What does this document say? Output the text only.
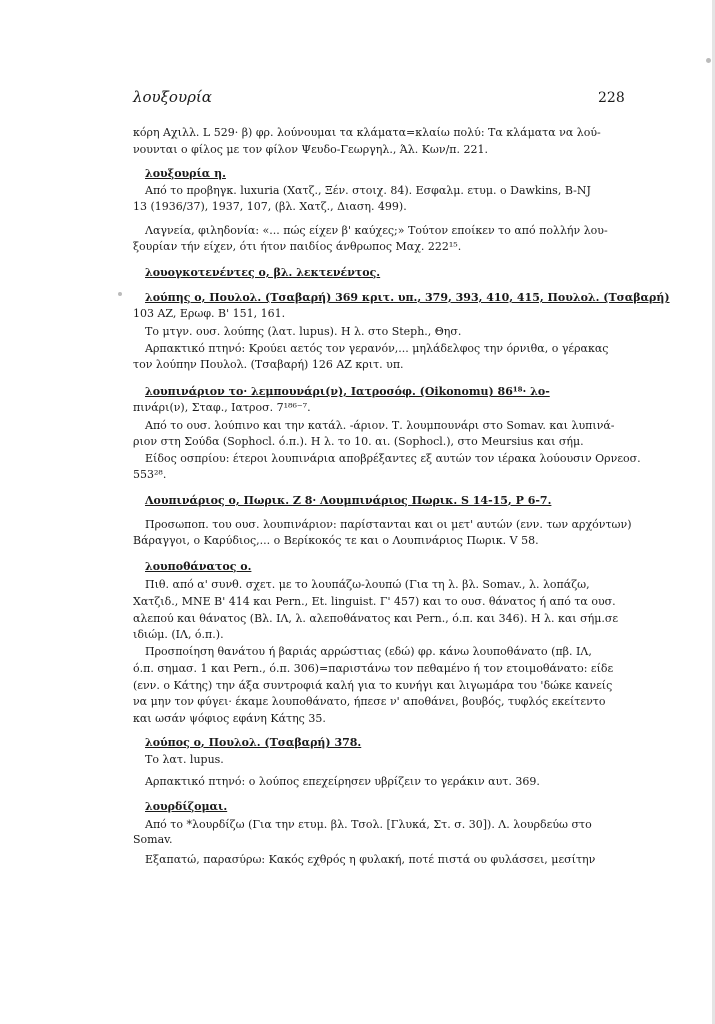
λουξουρία	228
κόρη Αχιλλ. L 529· β) φρ. λούνουμαι τα κλάματα=κλαίω πολύ: Τα κλάματα να λού-
νουνται ο φίλος με τον φίλον Ψευδο-Γεωργηλ., Άλ. Κων/π. 221.
λουξουρία η.
Από το προβηγκ. luxuria (Χατζ., Ξέν. στοιχ. 84). Εσφαλμ. ετυμ. ο Dawkins, B-NJ
13 (1936/37), 1937, 107, (βλ. Χατζ., Διαση. 499).
Λαγνεία, φιληδονία: «... πώς είχεν β' καύχες;» Τούτον εποίκεν το από πολλήν λου-
ξουρίαν τήν είχεν, ότι ήτον παιδίος άνθρωπος Μαχ. 222¹⁵.
λουογκοτενέντες ο, βλ. λεκτενέντος.
λούπης ο, Πουλολ. (Τσαβαρή) 369 κριτ. υπ., 379, 393, 410, 415, Πουλολ. (Τσαβαρή)
103 AZ, Ερωφ. Β' 151, 161.
Το μτγν. ουσ. λούπης (λατ. lupus). Η λ. στο Steph., Θησ.
Αρπακτικό πτηνό: Κρούει αετός τον γερανόν,... μηλάδελφος την όρνιθα, ο γέρακας
τον λούπην Πουλολ. (Τσαβαρή) 126 AZ κριτ. υπ.
λουπινάριον το· λεμπουνάρι(ν), Ιατροσόφ. (Oikonomu) 86¹⁸· λο-
πινάρι(ν), Σταφ., Ιατροσ. 7¹⁸⁶⁻⁷.
Από το ουσ. λούπινο και την κατάλ. -άριον. Τ. λουμπουνάρι στο Somav. και λυπινά-
ριον στη Σούδα (Sophocl. ό.π.). Η λ. το 10. αι. (Sophocl.), στο Meursius και σήμ.
Είδος οσπρίου: έτεροι λουπινάρια αποβρέξαντες εξ αυτών τον ιέρακα λούουσιν Ορνεοσ.
553²⁸.
Λουπινάριος ο, Πωρικ. Ζ 8· Λουμπινάριος Πωρικ. S 14-15, P 6-7.
Προσωποπ. του ουσ. λουπινάριον: παρίστανται και οι μετ' αυτών (ενν. των αρχόντων)
Βάραγγοι, ο Καρύδιος,... ο Βερίκοκός τε και ο Λουπινάριος Πωρικ. V 58.
λουποθάνατος ο.
Πιθ. από α' συνθ. σχετ. με το λουπάζω-λουπώ (Για τη λ. βλ. Somav., λ. λοπάζω,
Χατζιδ., ΜΝΕ Β' 414 και Pern., Et. linguist. Γ' 457) και το ουσ. θάνατος ή από τα ουσ.
αλεπού και θάνατος (Βλ. ΙΛ, λ. αλεποθάνατος και Pern., ό.π. και 346). Η λ. και σήμ.σε
ιδιώμ. (ΙΛ, ό.π.).
Προσποίηση θανάτου ή βαριάς αρρώστιας (εδώ) φρ. κάνω λουποθάνατο (πβ. ΙΛ,
ό.π. σημασ. 1 και Pern., ό.π. 306)=παριστάνω τον πεθαμένο ή τον ετοιμοθάνατο: είδε
(ενν. ο Κάτης) την άξα συντροφιά καλή για το κυνήγι και λιγωμάρα του 'δώκε κανείς
να μην τον φύγει· έκαμε λουποθάνατο, ήπεσε ν' αποθάνει, βουβός, τυφλός εκείτεντο
και ωσάν ψόφιος εφάνη Κάτης 35.
λούπος ο, Πουλολ. (Τσαβαρή) 378.
Το λατ. lupus.
Αρπακτικό πτηνό: ο λούπος επεχείρησεν υβρίζειν το γεράκιν αυτ. 369.
λουρδίζομαι.
Από το *λουρδίζω (Για την ετυμ. βλ. Τσολ. [Γλυκά, Στ. σ. 30]). Λ. λουρδεύω στο
Somav.
Εξαπατώ, παρασύρω: Κακός εχθρός η φυλακή, ποτέ πιστά ου φυλάσσει, μεσίτην
